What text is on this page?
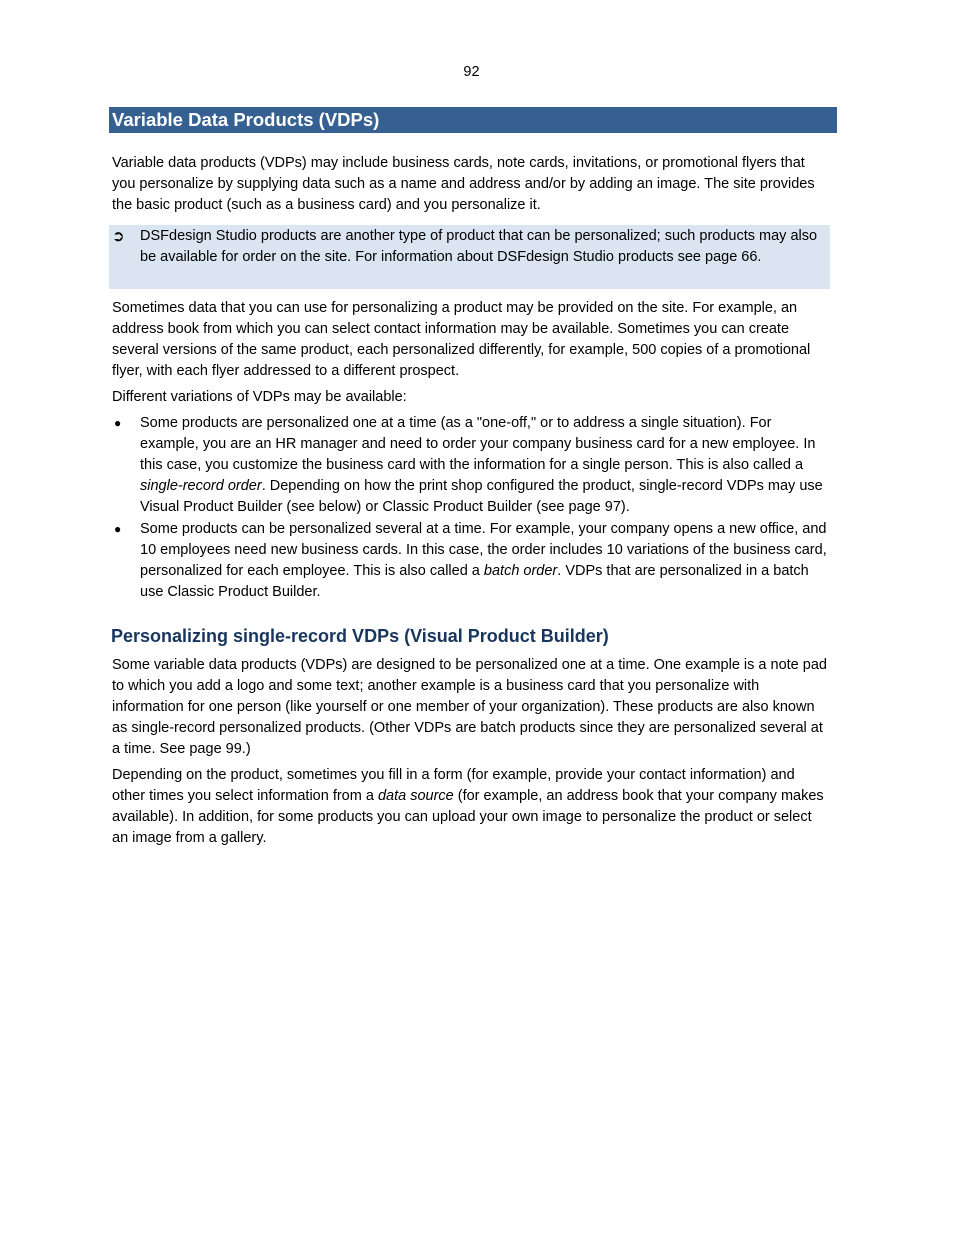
92
Variable Data Products (VDPs)

Variable data products (VDPs) may include business cards, note cards, invitations, or promotional flyers that you personalize by supplying data such as a name and address and/or by adding an image. The site provides the basic product (such as a business card) and you personalize it.

➲ DSFdesign Studio products are another type of product that can be personalized; such products may also be available for order on the site. For information about DSFdesign Studio products see page 66.

Sometimes data that you can use for personalizing a product may be provided on the site. For example, an address book from which you can select contact information may be available. Sometimes you can create several versions of the same product, each personalized differently, for example, 500 copies of a promotional flyer, with each flyer addressed to a different prospect.

Different variations of VDPs may be available:

● Some products are personalized one at a time (as a "one-off," or to address a single situation). For example, you are an HR manager and need to order your company business card for a new employee. In this case, you customize the business card with the information for a single person. This is also called a single-record order. Depending on how the print shop configured the product, single-record VDPs may use Visual Product Builder (see below) or Classic Product Builder (see page 97).
● Some products can be personalized several at a time. For example, your company opens a new office, and 10 employees need new business cards. In this case, the order includes 10 variations of the business card, personalized for each employee. This is also called a batch order. VDPs that are personalized in a batch use Classic Product Builder.
Personalizing single-record VDPs (Visual Product Builder)

Some variable data products (VDPs) are designed to be personalized one at a time. One example is a note pad to which you add a logo and some text; another example is a business card that you personalize with information for one person (like yourself or one member of your organization). These products are also known as single-record personalized products. (Other VDPs are batch products since they are personalized several at a time. See page 99.)

Depending on the product, sometimes you fill in a form (for example, provide your contact information) and other times you select information from a data source (for example, an address book that your company makes available). In addition, for some products you can upload your own image to personalize the product or select an image from a gallery.
